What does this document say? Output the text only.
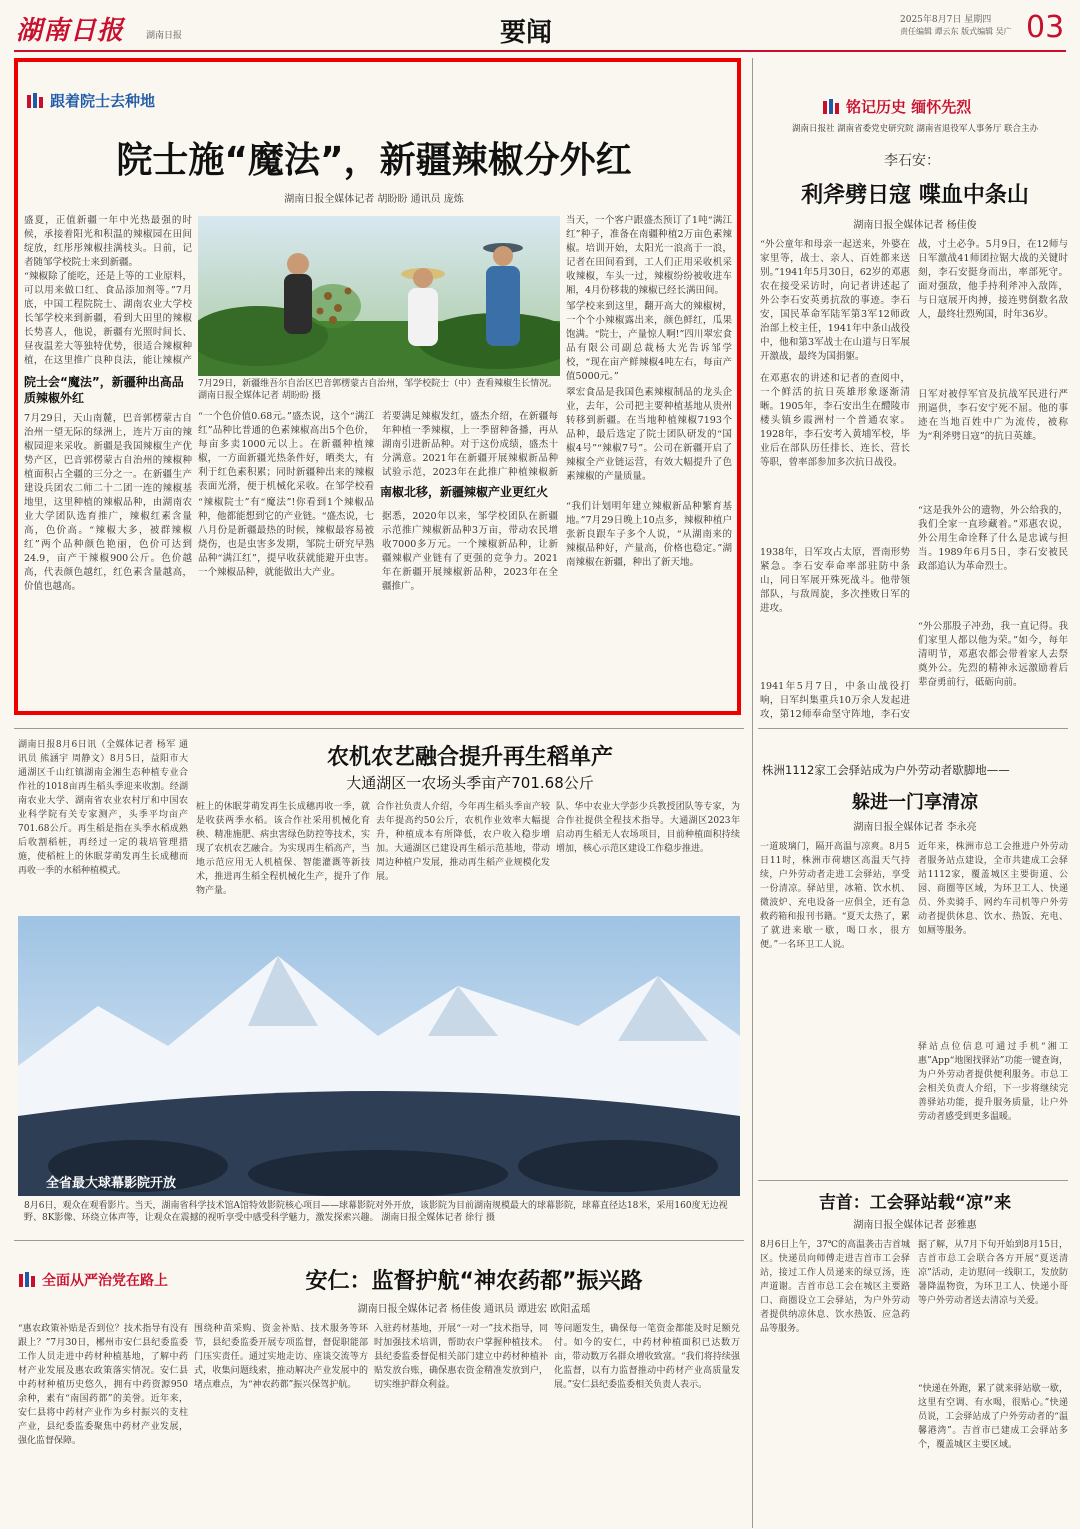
湖南日报 湖南日报	要闻	2025年8月7日 星期四
责任编辑 谭云东 版式编辑 吴广 03
跟着院士去种地
院士施“魔法”，新疆辣椒分外红
湖南日报全媒体记者 胡盼盼 通讯员 庞炼
盛夏，正值新疆一年中光热最强的时候，承接着阳光和积温的辣椒园在田间绽放，红彤彤辣椒挂满枝头。日前，记者随邹学校院士来到新疆。
“辣椒除了能吃，还是上等的工业原料，可以用来做口红、食品添加剂等。”7月底，中国工程院院士、湖南农业大学校长邹学校来到新疆，看到大田里的辣椒长势喜人，他说，新疆有光照时间长、昼夜温差大等独特优势，很适合辣椒种植，在这里推广良种良法，能让辣椒产
院士会“魔法”，新疆种出高品质辣椒外红
7月29日，天山南麓，巴音郭楞蒙古自治州一望无际的绿洲上，连片万亩的辣椒园迎来采收。新疆是我国辣椒生产优势产区，巴音郭楞蒙古自治州的辣椒种植面积占全疆的三分之一。在新疆生产建设兵团农二师二十二团一连的辣椒基地里，这里种植的辣椒品种，由湖南农业大学团队选育推广，辣椒红素含量高，色价高。“辣椒大多，被群辣椒红”两个品种颜色艳丽，色价可达到24.9，亩产干辣椒900公斤。色价越高，代表颜色越红，红色素含量越高，价值也越高。
7月29日，新疆维吾尔自治区巴音郭楞蒙古自治州，邹学校院士（中）查看辣椒生长情况。 湖南日报全媒体记者 胡盼盼 摄
“一个色价值0.68元。”盛杰说，这个“满江红”品种比普通的色素辣椒高出5个色价，每亩多卖1000元以上。在新疆种植辣椒，一方面新疆光热条件好，晒类大，有利于红色素积累；同时新疆种出来的辣椒表面光滑，便于机械化采收。在邹学校看
“辣椒院士”有“魔法”!你看到1个辣椒品种，他都能想到它的产业链。“盛杰说，七八月份是新疆最热的时候，辣椒最容易被烧伤，也是虫害多发期，邹院士研究早熟品种“满江红”，提早收获就能避开虫害。一个辣椒品种，就能做出大产业。
南椒北移，新疆辣椒产业更红火
若要满足辣椒发红，盛杰介绍，在新疆每年种植一季辣椒，上一季留种备播，再从湖南引进新品种。对于这份成绩，盛杰十分满意。2021年在新疆开展辣椒新品种试验示范，2023年在此推广种植辣椒新
据悉，2020年以来，邹学校团队在新疆示范推广辣椒新品种3万亩，带动农民增收7000多万元。一个辣椒新品种，让新疆辣椒产业链有了更强的竞争力。2021年在新疆开展辣椒新品种，2023年在全疆推广。
当天，一个客户跟盛杰预订了1吨“满江红”种子，准备在南疆种植2万亩色素辣椒。培训开始，太阳光一浪高于一浪，记者在田间看到，工人们正用采收机采收辣椒，车头一过，辣椒纷纷被收进车厢，4月份移栽的辣椒已经长满田间。
邹学校来到这里，翻开高大的辣椒树，一个个小辣椒露出来，颜色鲜红，瓜果饱满。“院士，产量惊人啊!”四川翠宏食品有限公司副总裁杨大光告诉邹学校，“现在亩产鲜辣椒4吨左右，每亩产值5000元。”
翠宏食品是我国色素辣椒制品的龙头企业，去年，公司把主要种植基地从贵州转移到新疆。在当地种植辣椒7193个品种，最后选定了院士团队研发的“国椒4号”“辣椒7号”。公司在新疆开启了辣椒全产业链运营，有效大幅提升了色素辣椒的产量质量。
“我们计划明年建立辣椒新品种繁育基地。”7月29日晚上10点多，辣椒种植户张新良跟车子多个人说，“从湖南来的辣椒品种好，产量高，价格也稳定。”湖南辣椒在新疆，种出了新天地。
铭记历史 缅怀先烈
湖南日报社 湖南省委党史研究院 湖南省退役军人事务厅 联合主办
李石安：
利斧劈日寇 喋血中条山
湖南日报全媒体记者 杨佳俊
“外公童年和母亲一起送来，外婆在家里等，战士、亲人、百姓都来送别。”1941年5月30日，62岁的邓惠农在接受采访时，向记者讲述起了外公李石安英勇抗敌的事迹。李石安，国民革命军陆军第3军12师政治部上校主任，1941年中条山战役中，他和第3军战士在山道与日军展开激战，最终为国捐躯。
在邓惠农的讲述和记者的查阅中，一个鲜活的抗日英雄形象逐渐清晰。1905年，李石安出生在醴陵市楼头镇乡霞洲村一个普通农家。1928年，李石安考入黄埔军校，毕业后在部队历任排长、连长、营长等职，曾率部参加多次抗日战役。
1938年，日军攻占太原，晋南形势紧急。李石安奉命率部驻防中条山，同日军展开殊死战斗。他带领部队，与敌周旋，多次挫败日军的进攻。
1941年5月7日，中条山战役打响，日军纠集重兵10万余人发起进攻，第12师奉命坚守阵地，李石安
战，寸土必争。5月9日，在12师与日军激战41师团拉锯大战的关键时刻，李石安挺身而出，率部死守。面对强敌，他手持利斧冲入敌阵，与日寇展开肉搏，接连劈倒数名敌人，最终壮烈殉国，时年36岁。
日军对被俘军官及抗战军民进行严刑逼供，李石安宁死不屈。他的事迹在当地百姓中广为流传，被称为“利斧劈日寇”的抗日英雄。
“这是我外公的遗物，外公给我的，我们全家一直珍藏着。”邓惠农说，外公用生命诠释了什么是忠诚与担当。1989年6月5日，李石安被民政部追认为革命烈士。
“外公那股子冲劲，我一直记得。我们家里人都以他为荣。”如今，每年清明节，邓惠农都会带着家人去祭奠外公。先烈的精神永远激励着后辈奋勇前行，砥砺向前。
湖南日报8月6日讯（全媒体记者 杨军 通讯员 熊涵宇 周静文）8月5日，益阳市大通湖区千山红镇湖南金湘生态种植专业合作社的1018亩再生稻头季迎来收割。经湖南农业大学、湖南省农业农村厅和中国农业科学院有关专家测产，头季平均亩产701.68公斤。再生稻是指在头季水稻成熟后收割稻桩，再经过一定的栽培管理措施，使稻桩上的休眠芽萌发再生长成穗而再收一季的水稻种植模式。
农机农艺融合提升再生稻单产
大通湖区一农场头季亩产701.68公斤
桩上的休眠芽萌发再生长成穗再收一季，就是收获两季水稻。该合作社采用机械化育秧、精准施肥、病虫害绿色防控等技术，实现了农机农艺融合。为实现再生稻高产，当地示范应用无人机植保、智能灌溉等新技术，推进再生稻全程机械化生产，提升了作物产量。
合作社负责人介绍，今年再生稻头季亩产较去年提高约50公斤，农机作业效率大幅提升，种植成本有所降低，农户收入稳步增加。大通湖区已建设再生稻示范基地，带动周边种植户发展，推动再生稻产业规模化发展。
队、华中农业大学彭少兵教授团队等专家，为合作社提供全程技术指导。大通湖区2023年启动再生稻无人农场项目，目前种植面积持续增加，核心示范区建设工作稳步推进。
全省最大球幕影院开放
8月6日，观众在观看影片。当天，湖南省科学技术馆A馆特效影院核心项目——球幕影院对外开放，该影院为目前湖南规模最大的球幕影院，球幕直径达18米，采用160度无边视野、8K影像、环绕立体声等，让观众在震撼的视听享受中感受科学魅力，激发探索兴趣。 湖南日报全媒体记者 徐行 摄
株洲1112家工会驿站成为户外劳动者歇脚地——
躲进一门享清凉
湖南日报全媒体记者 李永亮
一道玻璃门，隔开高温与凉爽。8月5日11时，株洲市荷塘区高温天气持续，户外劳动者走进工会驿站，享受一份清凉。驿站里，冰箱、饮水机、微波炉、充电设备一应俱全，还有急救药箱和报刊书籍。“夏天太热了，累了就进来歇一歇，喝口水，很方便。”一名环卫工人说。
近年来，株洲市总工会推进户外劳动者服务站点建设，全市共建成工会驿站1112家，覆盖城区主要街道、公园、商圈等区域，为环卫工人、快递员、外卖骑手、网约车司机等户外劳动者提供休息、饮水、热饭、充电、如厕等服务。
驿站点位信息可通过手机“湘工惠”App“地图找驿站”功能一键查询，为户外劳动者提供便利服务。市总工会相关负责人介绍，下一步将继续完善驿站功能，提升服务质量，让户外劳动者感受到更多温暖。
吉首：工会驿站载“凉”来
湖南日报全媒体记者 彭雅惠
8月6日上午，37℃的高温袭击吉首城区。快递员向师傅走进吉首市工会驿站，接过工作人员递来的绿豆汤，连声道谢。吉首市总工会在城区主要路口、商圈设立工会驿站，为户外劳动者提供纳凉休息、饮水热饭、应急药品等服务。
据了解，从7月下旬开始到8月15日，吉首市总工会联合各方开展“夏送清凉”活动，走访慰问一线职工，发放防暑降温物资，为环卫工人、快递小哥等户外劳动者送去清凉与关爱。
“快递在外跑，累了就来驿站歇一歇，这里有空调、有水喝，很贴心。”快递员说，工会驿站成了户外劳动者的“温馨港湾”。吉首市已建成工会驿站多个，覆盖城区主要区域。
全面从严治党在路上	安仁：监督护航“神农药都”振兴路
湖南日报全媒体记者 杨佳俊 通讯员 谭进宏 欧阳孟瑶
“惠农政策补贴是否到位？技术指导有没有跟上？”7月30日，郴州市安仁县纪委监委工作人员走进中药材种植基地，了解中药材产业发展及惠农政策落实情况。安仁县中药材种植历史悠久，拥有中药资源950余种，素有“南国药都”的美誉。近年来，安仁县将中药材产业作为乡村振兴的支柱产业，县纪委监委聚焦中药材产业发展，强化监督保障。
围绕种苗采购、资金补贴、技术服务等环节，县纪委监委开展专项监督，督促职能部门压实责任。通过实地走访、座谈交流等方式，收集问题线索，推动解决产业发展中的堵点难点，为“神农药都”振兴保驾护航。
入驻药材基地，开展“一对一”技术指导，同时加强技术培训，帮助农户掌握种植技术。县纪委监委督促相关部门建立中药材种植补贴发放台账，确保惠农资金精准发放到户，切实维护群众利益。
等问题发生，确保每一笔资金都能及时足额兑付。如今的安仁，中药材种植面积已达数万亩，带动数万名群众增收致富。“我们将持续强化监督，以有力监督推动中药材产业高质量发展。”安仁县纪委监委相关负责人表示。
